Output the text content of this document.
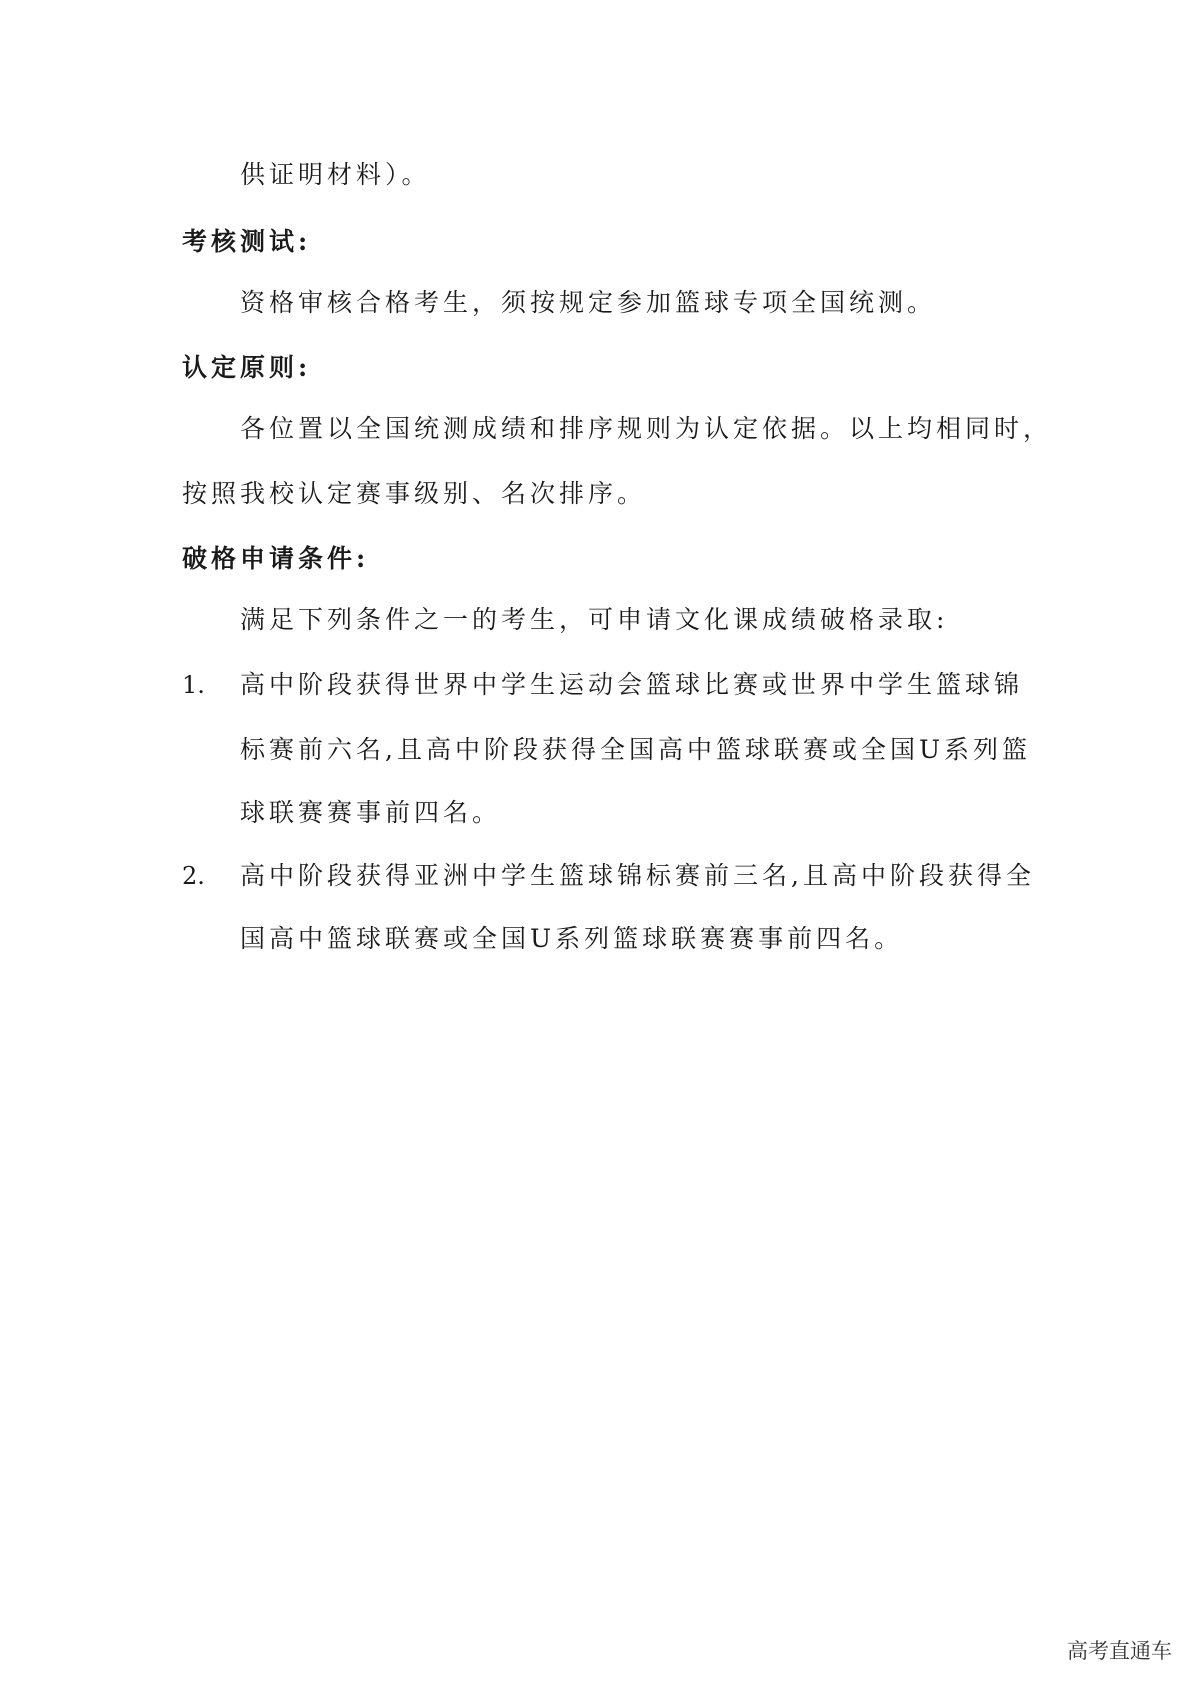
供证明材料）。
考核测试:
资格审核合格考生，须按规定参加篮球专项全国统测。
认定原则:
各位置以全国统测成绩和排序规则为认定依据。以上均相同时，
按照我校认定赛事级别、名次排序。
破格申请条件:
满足下列条件之一的考生，可申请文化课成绩破格录取:
1. 高中阶段获得世界中学生运动会篮球比赛或世界中学生篮球锦
标赛前六名,且高中阶段获得全国高中篮球联赛或全国U系列篮
球联赛赛事前四名。
2. 高中阶段获得亚洲中学生篮球锦标赛前三名,且高中阶段获得全
国高中篮球联赛或全国U系列篮球联赛赛事前四名。
高考直通车
